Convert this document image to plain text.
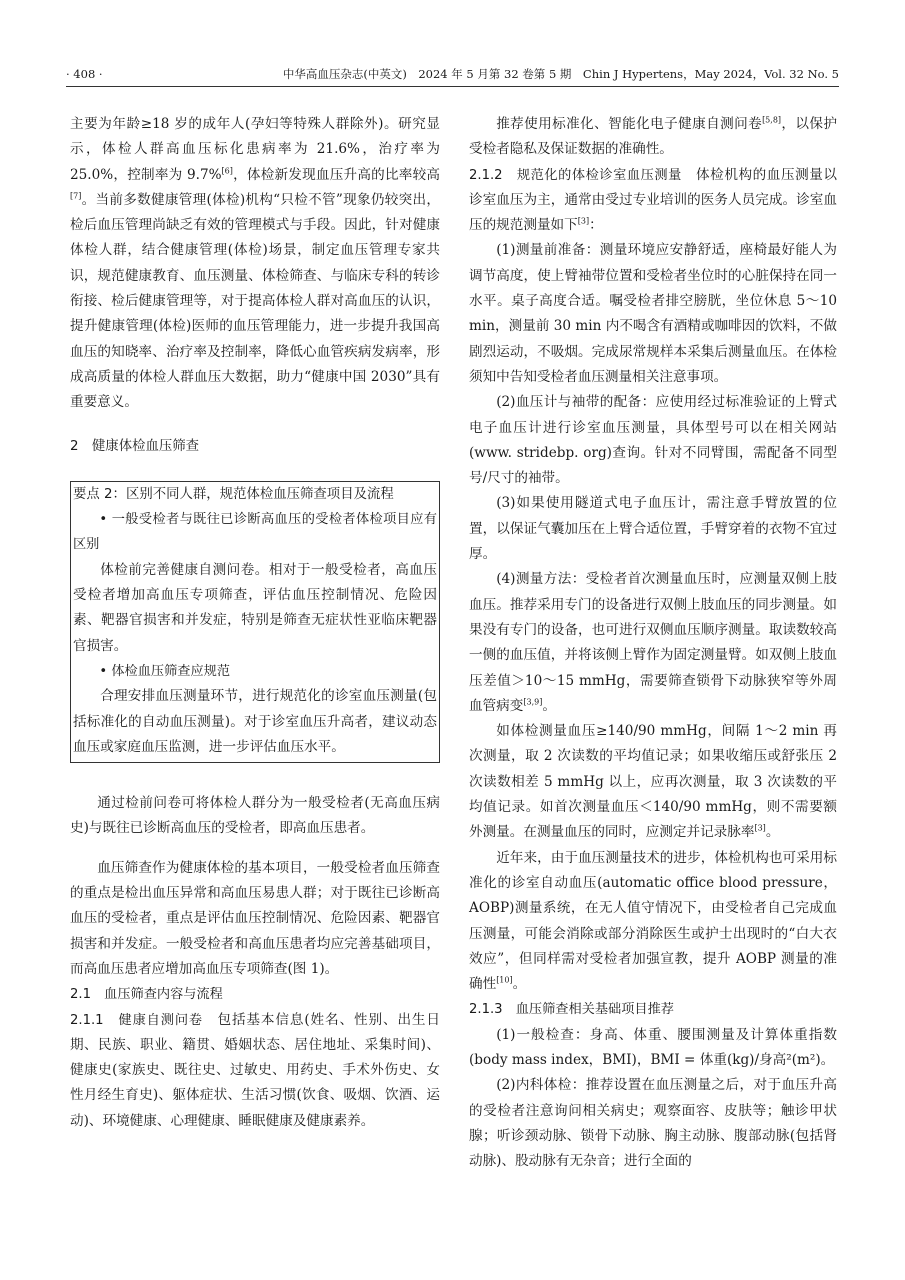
· 408 ·	中华高血压杂志(中英文)　2024 年 5 月第 32 卷第 5 期　Chin J Hypertens，May 2024，Vol. 32 No. 5

主要为年龄≥18 岁的成年人(孕妇等特殊人群除外)。研究显示，体检人群高血压标化患病率为 21.6%，治疗率为 25.0%，控制率为 9.7%[6]，体检新发现血压升高的比率较高[7]。当前多数健康管理(体检)机构“只检不管”现象仍较突出，检后血压管理尚缺乏有效的管理模式与手段。因此，针对健康体检人群，结合健康管理(体检)场景，制定血压管理专家共识，规范健康教育、血压测量、体检筛查、与临床专科的转诊衔接、检后健康管理等，对于提高体检人群对高血压的认识，提升健康管理(体检)医师的血压管理能力，进一步提升我国高血压的知晓率、治疗率及控制率，降低心血管疾病发病率，形成高质量的体检人群血压大数据，助力“健康中国 2030”具有重要意义。

2　健康体检血压筛查

要点 2：区别不同人群，规范体检血压筛查项目及流程

• 一般受检者与既往已诊断高血压的受检者体检项目应有区别

体检前完善健康自测问卷。相对于一般受检者，高血压受检者增加高血压专项筛查，评估血压控制情况、危险因素、靶器官损害和并发症，特别是筛查无症状性亚临床靶器官损害。

• 体检血压筛查应规范

合理安排血压测量环节，进行规范化的诊室血压测量(包括标准化的自动血压测量)。对于诊室血压升高者，建议动态血压或家庭血压监测，进一步评估血压水平。

通过检前问卷可将体检人群分为一般受检者(无高血压病史)与既往已诊断高血压的受检者，即高血压患者。

血压筛查作为健康体检的基本项目，一般受检者血压筛查的重点是检出血压异常和高血压易患人群；对于既往已诊断高血压的受检者，重点是评估血压控制情况、危险因素、靶器官损害和并发症。一般受检者和高血压患者均应完善基础项目，而高血压患者应增加高血压专项筛查(图 1)。

2.1　血压筛查内容与流程

2.1.1　健康自测问卷　包括基本信息(姓名、性别、出生日期、民族、职业、籍贯、婚姻状态、居住地址、采集时间)、健康史(家族史、既往史、过敏史、用药史、手术外伤史、女性月经生育史)、躯体症状、生活习惯(饮食、吸烟、饮酒、运动)、环境健康、心理健康、睡眠健康及健康素养。

推荐使用标准化、智能化电子健康自测问卷[5,8]，以保护受检者隐私及保证数据的准确性。

2.1.2　规范化的体检诊室血压测量　体检机构的血压测量以诊室血压为主，通常由受过专业培训的医务人员完成。诊室血压的规范测量如下[3]：

(1)测量前准备：测量环境应安静舒适，座椅最好能人为调节高度，使上臂袖带位置和受检者坐位时的心脏保持在同一水平。桌子高度合适。嘱受检者排空膀胱，坐位休息 5～10 min，测量前 30 min 内不喝含有酒精或咖啡因的饮料，不做剧烈运动，不吸烟。完成尿常规样本采集后测量血压。在体检须知中告知受检者血压测量相关注意事项。

(2)血压计与袖带的配备：应使用经过标准验证的上臂式电子血压计进行诊室血压测量，具体型号可以在相关网站(www. stridebp. org)查询。针对不同臂围，需配备不同型号/尺寸的袖带。

(3)如果使用隧道式电子血压计，需注意手臂放置的位置，以保证气囊加压在上臂合适位置，手臂穿着的衣物不宜过厚。

(4)测量方法：受检者首次测量血压时，应测量双侧上肢血压。推荐采用专门的设备进行双侧上肢血压的同步测量。如果没有专门的设备，也可进行双侧血压顺序测量。取读数较高一侧的血压值，并将该侧上臂作为固定测量臂。如双侧上肢血压差值＞10～15 mmHg，需要筛查锁骨下动脉狭窄等外周血管病变[3,9]。

如体检测量血压≥140/90 mmHg，间隔 1～2 min 再次测量，取 2 次读数的平均值记录；如果收缩压或舒张压 2 次读数相差 5 mmHg 以上，应再次测量，取 3 次读数的平均值记录。如首次测量血压＜140/90 mmHg，则不需要额外测量。在测量血压的同时，应测定并记录脉率[3]。

近年来，由于血压测量技术的进步，体检机构也可采用标准化的诊室自动血压(automatic office blood pressure，AOBP)测量系统，在无人值守情况下，由受检者自己完成血压测量，可能会消除或部分消除医生或护士出现时的“白大衣效应”，但同样需对受检者加强宣教，提升 AOBP 测量的准确性[10]。

2.1.3　血压筛查相关基础项目推荐

(1)一般检查：身高、体重、腰围测量及计算体重指数(body mass index，BMI)，BMI = 体重(kg)/身高²(m²)。

(2)内科体检：推荐设置在血压测量之后，对于血压升高的受检者注意询问相关病史；观察面容、皮肤等；触诊甲状腺；听诊颈动脉、锁骨下动脉、胸主动脉、腹部动脉(包括肾动脉)、股动脉有无杂音；进行全面的
